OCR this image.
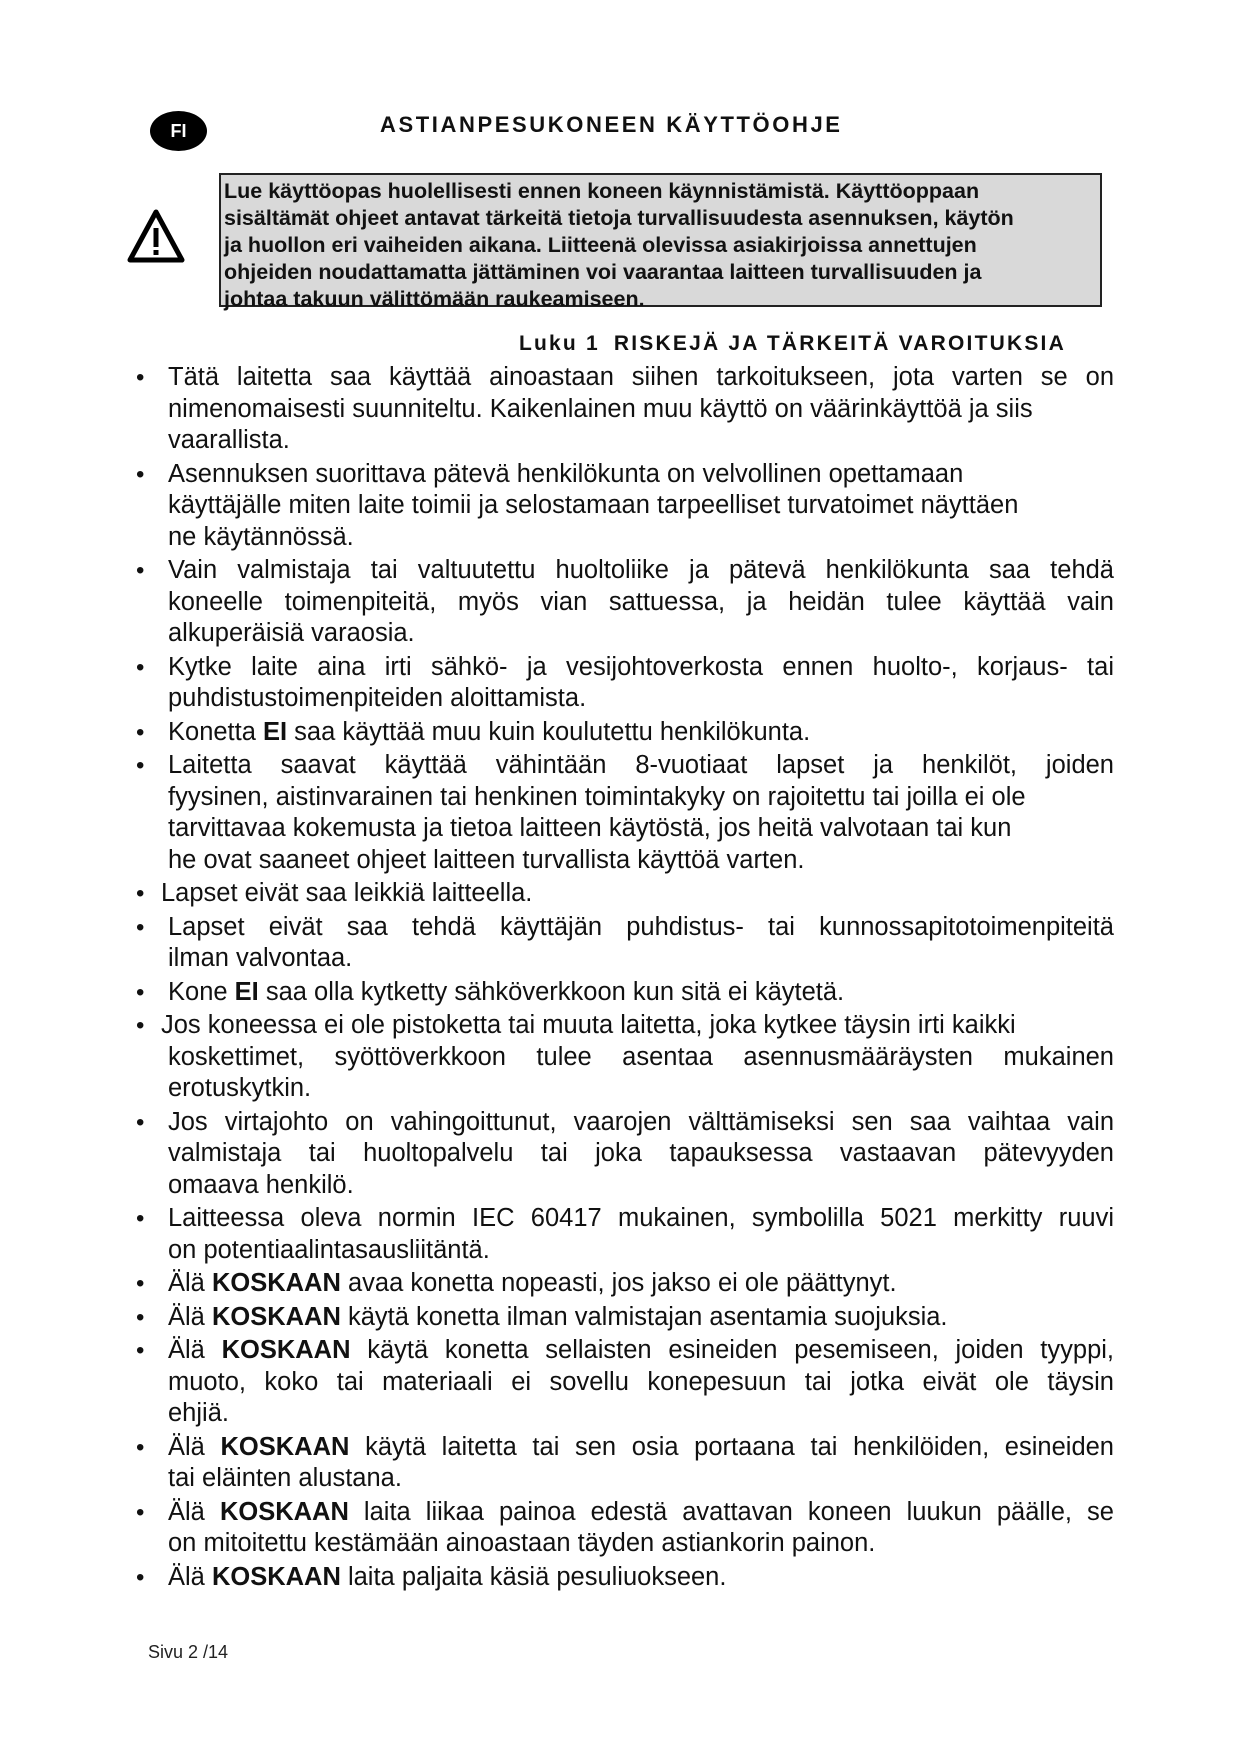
FI	ASTIANPESUKONEEN KÄYTTÖOHJE
Lue käyttöopas huolellisesti ennen koneen käynnistämistä. Käyttöoppaan
sisältämät ohjeet antavat tärkeitä tietoja turvallisuudesta asennuksen, käytön
ja huollon eri vaiheiden aikana. Liitteenä olevissa asiakirjoissa annettujen
ohjeiden noudattamatta jättäminen voi vaarantaa laitteen turvallisuuden ja
johtaa takuun välittömään raukeamiseen.
Luku 1 RISKEJÄ JA TÄRKEITÄ VAROITUKSIA
• Tätä laitetta saa käyttää ainoastaan siihen tarkoitukseen, jota varten se on
nimenomaisesti suunniteltu. Kaikenlainen muu käyttö on väärinkäyttöä ja siis
vaarallista.
• Asennuksen suorittava pätevä henkilökunta on velvollinen opettamaan
käyttäjälle miten laite toimii ja selostamaan tarpeelliset turvatoimet näyttäen
ne käytännössä.
• Vain valmistaja tai valtuutettu huoltoliike ja pätevä henkilökunta saa tehdä
koneelle toimenpiteitä, myös vian sattuessa, ja heidän tulee käyttää vain
alkuperäisiä varaosia.
• Kytke laite aina irti sähkö- ja vesijohtoverkosta ennen huolto-, korjaus- tai
puhdistustoimenpiteiden aloittamista.
• Konetta EI saa käyttää muu kuin koulutettu henkilökunta.
• Laitetta saavat käyttää vähintään 8-vuotiaat lapset ja henkilöt, joiden
fyysinen, aistinvarainen tai henkinen toimintakyky on rajoitettu tai joilla ei ole
tarvittavaa kokemusta ja tietoa laitteen käytöstä, jos heitä valvotaan tai kun
he ovat saaneet ohjeet laitteen turvallista käyttöä varten.
• Lapset eivät saa leikkiä laitteella.
• Lapset eivät saa tehdä käyttäjän puhdistus- tai kunnossapitotoimenpiteitä
ilman valvontaa.
• Kone EI saa olla kytketty sähköverkkoon kun sitä ei käytetä.
• Jos koneessa ei ole pistoketta tai muuta laitetta, joka kytkee täysin irti kaikki
koskettimet, syöttöverkkoon tulee asentaa asennusmääräysten mukainen
erotuskytkin.
• Jos virtajohto on vahingoittunut, vaarojen välttämiseksi sen saa vaihtaa vain
valmistaja tai huoltopalvelu tai joka tapauksessa vastaavan pätevyyden
omaava henkilö.
• Laitteessa oleva normin IEC 60417 mukainen, symbolilla 5021 merkitty ruuvi
on potentiaalintasausliitäntä.
• Älä KOSKAAN avaa konetta nopeasti, jos jakso ei ole päättynyt.
• Älä KOSKAAN käytä konetta ilman valmistajan asentamia suojuksia.
• Älä KOSKAAN käytä konetta sellaisten esineiden pesemiseen, joiden tyyppi,
muoto, koko tai materiaali ei sovellu konepesuun tai jotka eivät ole täysin
ehjiä.
• Älä KOSKAAN käytä laitetta tai sen osia portaana tai henkilöiden, esineiden
tai eläinten alustana.
• Älä KOSKAAN laita liikaa painoa edestä avattavan koneen luukun päälle, se
on mitoitettu kestämään ainoastaan täyden astiankorin painon.
• Älä KOSKAAN laita paljaita käsiä pesuliuokseen.
Sivu 2 /14
